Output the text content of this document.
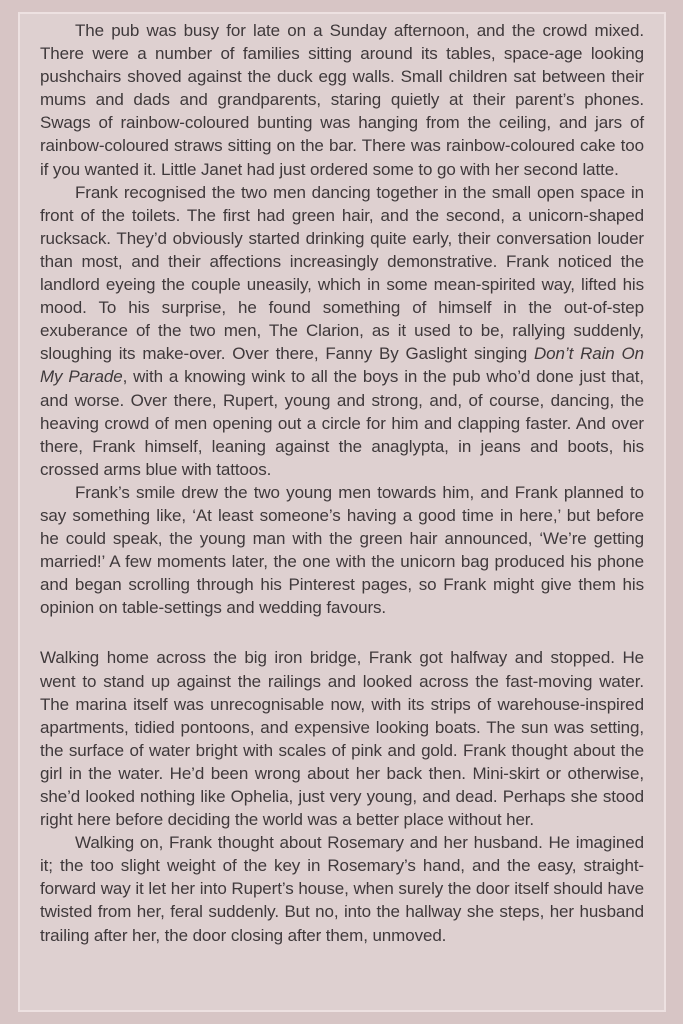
The pub was busy for late on a Sunday afternoon, and the crowd mixed. There were a number of families sitting around its tables, space-age looking pushchairs shoved against the duck egg walls. Small children sat between their mums and dads and grandparents, staring quietly at their parent’s phones. Swags of rainbow-coloured bunting was hanging from the ceiling, and jars of rainbow-coloured straws sitting on the bar. There was rainbow-coloured cake too if you wanted it. Little Janet had just ordered some to go with her second latte.

Frank recognised the two men dancing together in the small open space in front of the toilets. The first had green hair, and the second, a unicorn-shaped rucksack. They’d obviously started drinking quite early, their conversation louder than most, and their affections increasingly demonstrative. Frank noticed the landlord eyeing the couple uneasily, which in some mean-spirited way, lifted his mood. To his surprise, he found something of himself in the out-of-step exuberance of the two men, The Clarion, as it used to be, rallying suddenly, sloughing its make-over. Over there, Fanny By Gaslight singing Don’t Rain On My Parade, with a knowing wink to all the boys in the pub who’d done just that, and worse. Over there, Rupert, young and strong, and, of course, dancing, the heaving crowd of men opening out a circle for him and clapping faster. And over there, Frank himself, leaning against the anaglypta, in jeans and boots, his crossed arms blue with tattoos.

Frank’s smile drew the two young men towards him, and Frank planned to say something like, ‘At least someone’s having a good time in here,’ but before he could speak, the young man with the green hair announced, ‘We’re getting married!’ A few moments later, the one with the unicorn bag produced his phone and began scrolling through his Pinterest pages, so Frank might give them his opinion on table-settings and wedding favours.

Walking home across the big iron bridge, Frank got halfway and stopped. He went to stand up against the railings and looked across the fast-moving water. The marina itself was unrecognisable now, with its strips of warehouse-inspired apartments, tidied pontoons, and expensive looking boats. The sun was setting, the surface of water bright with scales of pink and gold. Frank thought about the girl in the water. He’d been wrong about her back then. Mini-skirt or otherwise, she’d looked nothing like Ophelia, just very young, and dead. Perhaps she stood right here before deciding the world was a better place without her.

Walking on, Frank thought about Rosemary and her husband. He imagined it; the too slight weight of the key in Rosemary’s hand, and the easy, straight-forward way it let her into Rupert’s house, when surely the door itself should have twisted from her, feral suddenly. But no, into the hallway she steps, her husband trailing after her, the door closing after them, unmoved.
